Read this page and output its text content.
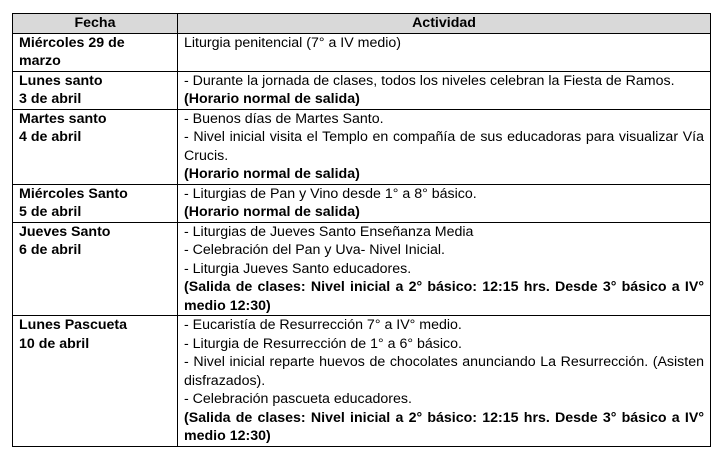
Fecha	Actividad

Miércoles 29 de
marzo	Liturgia penitencial (7° a IV medio)

Lunes santo
3 de abril	- Durante la jornada de clases, todos los niveles celebran la Fiesta de Ramos.
(Horario normal de salida)

Martes santo
4 de abril	- Buenos días de Martes Santo.
- Nivel inicial visita el Templo en compañía de sus educadoras para visualizar Vía Crucis.
(Horario normal de salida)

Miércoles Santo
5 de abril	- Liturgias de Pan y Vino desde 1° a 8° básico.
(Horario normal de salida)

Jueves Santo
6 de abril	- Liturgias de Jueves Santo Enseñanza Media
- Celebración del Pan y Uva- Nivel Inicial.
- Liturgia Jueves Santo educadores.
(Salida de clases: Nivel inicial a 2° básico: 12:15 hrs. Desde 3° básico a IV° medio 12:30)

Lunes Pascueta
10 de abril	- Eucaristía de Resurrección 7° a IV° medio.
- Liturgia de Resurrección de 1° a 6° básico.
- Nivel inicial reparte huevos de chocolates anunciando La Resurrección. (Asisten disfrazados).
- Celebración pascueta educadores.
(Salida de clases: Nivel inicial a 2° básico: 12:15 hrs. Desde 3° básico a IV° medio 12:30)
